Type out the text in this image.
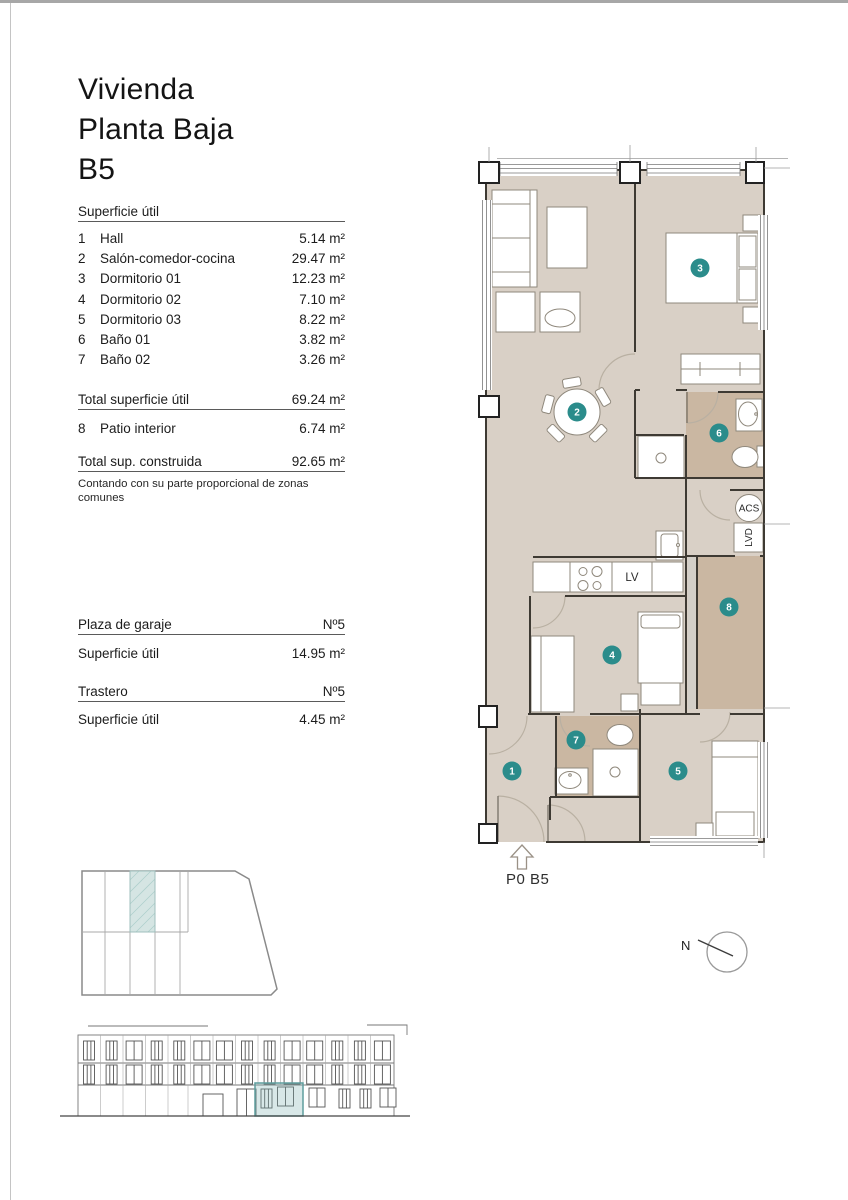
Vivienda
Planta Baja
B5
Superficie útil
1	Hall	5.14 m²
2	Salón-comedor-cocina	29.47 m²
3	Dormitorio 01	12.23 m²
4	Dormitorio 02	7.10 m²
5	Dormitorio 03	8.22 m²
6	Baño 01	3.82 m²
7	Baño 02	3.26 m²
Total superficie útil	69.24 m²
8	Patio interior	6.74 m²
Total sup. construida	92.65 m²
Contando con su parte proporcional de zonas comunes
Plaza de garaje	Nº5
Superficie útil	14.95 m²
Trastero	Nº5
Superficie útil	4.45 m²
ACS
LVD
LV
P0 B5
1
2
3
4
5
6
7
8
N
